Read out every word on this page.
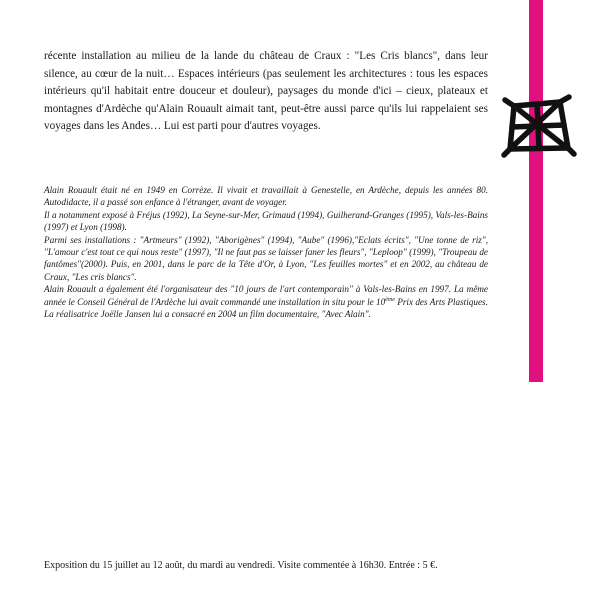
récente installation au milieu de la lande du château de Craux : "Les Cris blancs", dans leur silence, au cœur de la nuit… Espaces intérieurs (pas seulement les architectures : tous les espaces intérieurs qu'il habitait entre douceur et douleur), paysages du monde d'ici – cieux, plateaux et montagnes d'Ardèche qu'Alain Rouault aimait tant, peut-être aussi parce qu'ils lui rappelaient ses voyages dans les Andes… Lui est parti pour d'autres voyages.

Alain Rouault était né en 1949 en Corrèze. Il vivait et travaillait à Genestelle, en Ardèche, depuis les années 80. Autodidacte, il a passé son enfance à l'étranger, avant de voyager.

Il a notamment exposé à Fréjus (1992), La Seyne-sur-Mer, Grimaud (1994), Guilherand-Granges (1995), Vals-les-Bains (1997) et Lyon (1998).

Parmi ses installations : "Artmeurs" (1992), "Aborigènes" (1994), "Aube" (1996),"Eclats écrits", "Une tonne de riz", "L'amour c'est tout ce qui nous reste" (1997), "Il ne faut pas se laisser faner les fleurs", "Leploop" (1999), "Troupeau de fantômes"(2000). Puis, en 2001, dans le parc de la Tête d'Or, à Lyon, "Les feuilles mortes" et en 2002, au château de Craux, "Les cris blancs".

Alain Rouault a également été l'organisateur des "10 jours de l'art contemporain" à Vals-les-Bains en 1997. La même année le Conseil Général de l'Ardèche lui avait commandé une installation in situ pour le 10ème Prix des Arts Plastiques.

La réalisatrice Joëlle Jansen lui a consacré en 2004 un film documentaire, "Avec Alain".

Exposition du 15 juillet au 12 août, du mardi au vendredi. Visite commentée à 16h30. Entrée : 5 €.
